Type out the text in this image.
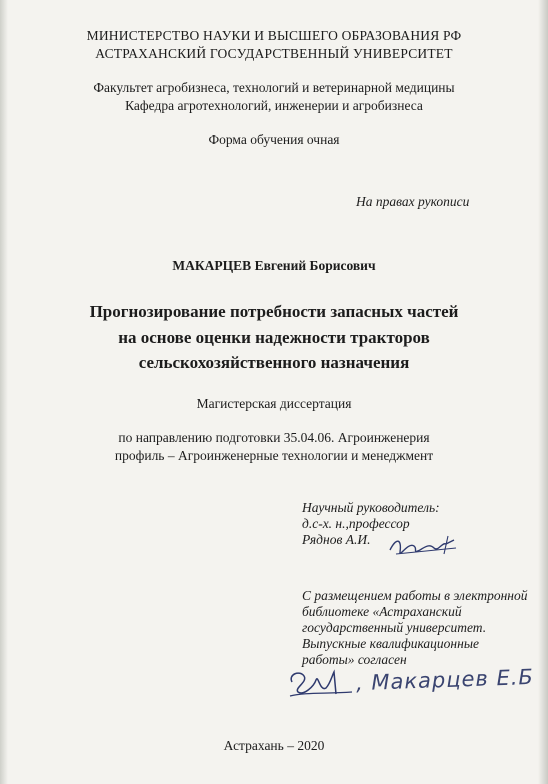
МИНИСТЕРСТВО НАУКИ И ВЫСШЕГО ОБРАЗОВАНИЯ РФ
АСТРАХАНСКИЙ ГОСУДАРСТВЕННЫЙ УНИВЕРСИТЕТ
Факультет агробизнеса, технологий и ветеринарной медицины
Кафедра агротехнологий, инженерии и агробизнеса
Форма обучения очная
На правах рукописи
МАКАРЦЕВ Евгений Борисович
Прогнозирование потребности запасных частей
на основе оценки надежности тракторов
сельскохозяйственного назначения
Магистерская диссертация
по направлению подготовки 35.04.06. Агроинженерия
профиль – Агроинженерные технологии и менеджмент
Научный руководитель:
д.с-х. н.,профессор
Ряднов А.И.
С размещением работы в электронной
библиотеке «Астраханский
государственный университет.
Выпускные квалификационные
работы» согласен
, Макарцев Е.Б
Астрахань – 2020
